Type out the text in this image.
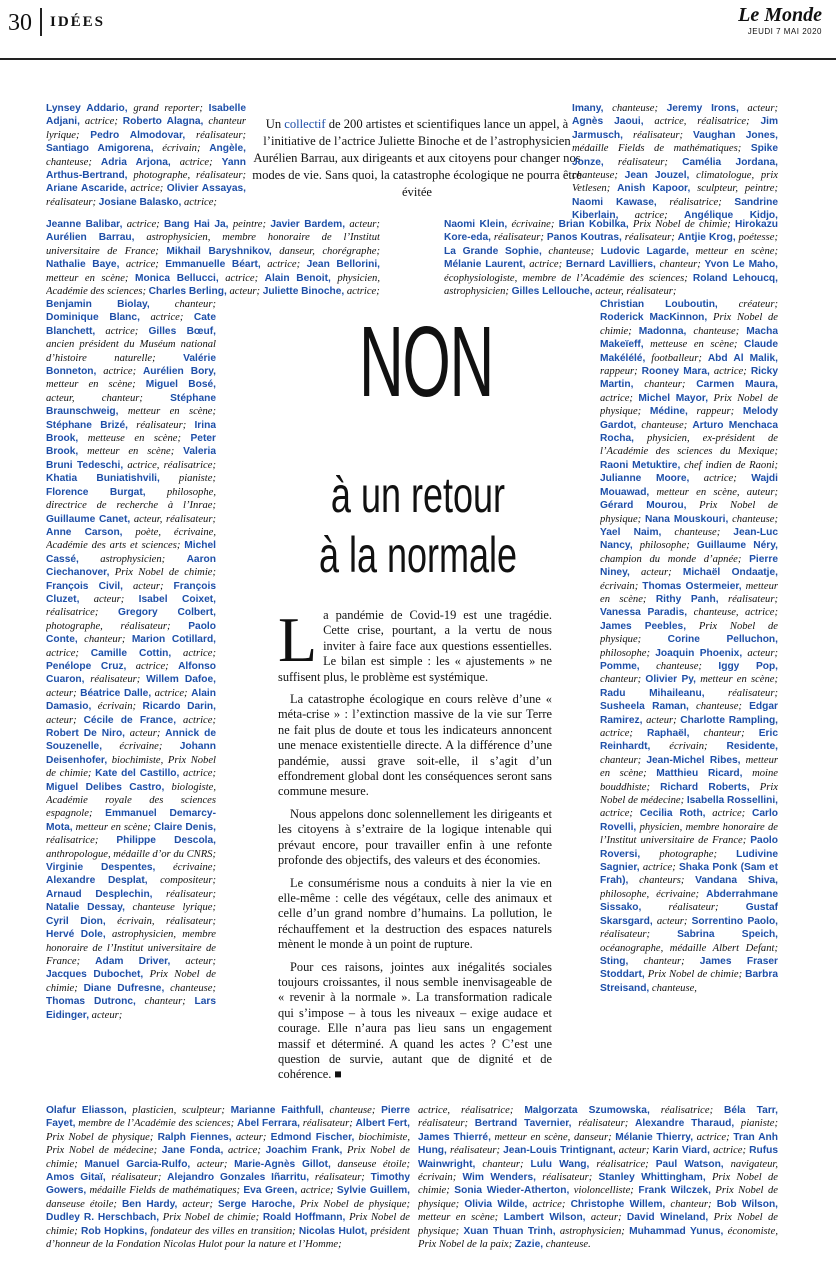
30 IDÉES	Le Monde
JEUDI 7 MAI 2020
Lynsey Addario, grand reporter; Isabelle Adjani, actrice; Roberto Alagna, chanteur lyrique; Pedro Almodovar, réalisateur; Santiago Amigorena, écrivain; Angèle, chanteuse; Adria Arjona, actrice; Yann Arthus-Bertrand, photographe, réalisateur; Ariane Ascaride, actrice; Olivier Assayas, réalisateur; Josiane Balasko, actrice;
Jeanne Balibar, actrice; Bang Hai Ja, peintre; Javier Bardem, acteur; Aurélien Barrau, astrophysicien, membre honoraire de l’Institut universitaire de France; Mikhail Baryshnikov, danseur, chorégraphe; Nathalie Baye, actrice; Emmanuelle Béart, actrice; Jean Bellorini, metteur en scène; Monica Bellucci, actrice; Alain Benoit, physicien, Académie des sciences; Charles Berling, acteur; Juliette Binoche, actrice;
Benjamin Biolay, chanteur; Dominique Blanc, actrice; Cate Blanchett, actrice; Gilles Bœuf, ancien président du Muséum national d’histoire naturelle; Valérie Bonneton, actrice; Aurélien Bory, metteur en scène; Miguel Bosé, acteur, chanteur; Stéphane Braunschweig, metteur en scène; Stéphane Brizé, réalisateur; Irina Brook, metteuse en scène; Peter Brook, metteur en scène; Valeria Bruni Tedeschi, actrice, réalisatrice; Khatia Buniatishvili, pianiste; Florence Burgat, philosophe, directrice de recherche à l’Inrae; Guillaume Canet, acteur, réalisateur; Anne Carson, poète, écrivaine, Académie des arts et sciences; Michel Cassé, astrophysicien; Aaron Ciechanover, Prix Nobel de chimie; François Civil, acteur; François Cluzet, acteur; Isabel Coixet, réalisatrice; Gregory Colbert, photographe, réalisateur; Paolo Conte, chanteur; Marion Cotillard, actrice; Camille Cottin, actrice; Penélope Cruz, actrice; Alfonso Cuaron, réalisateur; Willem Dafoe, acteur; Béatrice Dalle, actrice; Alain Damasio, écrivain; Ricardo Darin, acteur; Cécile de France, actrice; Robert De Niro, acteur; Annick de Souzenelle, écrivaine; Johann Deisenhofer, biochimiste, Prix Nobel de chimie; Kate del Castillo, actrice; Miguel Delibes Castro, biologiste, Académie royale des sciences espagnole; Emmanuel Demarcy-Mota, metteur en scène; Claire Denis, réalisatrice; Philippe Descola, anthropologue, médaille d’or du CNRS; Virginie Despentes, écrivaine; Alexandre Desplat, compositeur; Arnaud Desplechin, réalisateur; Natalie Dessay, chanteuse lyrique; Cyril Dion, écrivain, réalisateur; Hervé Dole, astrophysicien, membre honoraire de l’Institut universitaire de France; Adam Driver, acteur; Jacques Dubochet, Prix Nobel de chimie; Diane Dufresne, chanteuse; Thomas Dutronc, chanteur; Lars Eidinger, acteur;
Olafur Eliasson, plasticien, sculpteur; Marianne Faithfull, chanteuse; Pierre Fayet, membre de l’Académie des sciences; Abel Ferrara, réalisateur; Albert Fert, Prix Nobel de physique; Ralph Fiennes, acteur; Edmond Fischer, biochimiste, Prix Nobel de médecine; Jane Fonda, actrice; Joachim Frank, Prix Nobel de chimie; Manuel Garcia-Rulfo, acteur; Marie-Agnès Gillot, danseuse étoile; Amos Gitaï, réalisateur; Alejandro Gonzales Iñarritu, réalisateur; Timothy Gowers, médaille Fields de mathématiques; Eva Green, actrice; Sylvie Guillem, danseuse étoile; Ben Hardy, acteur; Serge Haroche, Prix Nobel de physique; Dudley R. Herschbach, Prix Nobel de chimie; Roald Hoffmann, Prix Nobel de chimie; Rob Hopkins, fondateur des villes en transition; Nicolas Hulot, président d’honneur de la Fondation Nicolas Hulot pour la nature et l’Homme;
Un collectif de 200 artistes et scientifiques lance un appel, à l’initiative de l’actrice Juliette Binoche et de l’astrophysicien Aurélien Barrau, aux dirigeants et aux citoyens pour changer nos modes de vie. Sans quoi, la catastrophe écologique ne pourra être évitée
NON
à un retour
à la normale

La pandémie de Covid-19 est une tragédie. Cette crise, pourtant, a la vertu de nous inviter à faire face aux questions essentielles. Le bilan est simple : les « ajustements » ne suffisent plus, le problème est systémique.

La catastrophe écologique en cours relève d’une « méta-crise » : l’extinction massive de la vie sur Terre ne fait plus de doute et tous les indicateurs annoncent une menace existentielle directe. A la différence d’une pandémie, aussi grave soit-elle, il s’agit d’un effondrement global dont les conséquences seront sans commune mesure.

Nous appelons donc solennellement les dirigeants et les citoyens à s’extraire de la logique intenable qui prévaut encore, pour travailler enfin à une refonte profonde des objectifs, des valeurs et des économies.

Le consumérisme nous a conduits à nier la vie en elle-même : celle des végétaux, celle des animaux et celle d’un grand nombre d’humains. La pollution, le réchauffement et la destruction des espaces naturels mènent le monde à un point de rupture.

Pour ces raisons, jointes aux inégalités sociales toujours croissantes, il nous semble inenvisageable de « revenir à la normale ». La transformation radicale qui s’impose – à tous les niveaux – exige audace et courage. Elle n’aura pas lieu sans un engagement massif et déterminé. A quand les actes ? C’est une question de survie, autant que de dignité et de cohérence. ■

Imany, chanteuse; Jeremy Irons, acteur; Agnès Jaoui, actrice, réalisatrice; Jim Jarmusch, réalisateur; Vaughan Jones, médaille Fields de mathématiques; Spike Jonze, réalisateur; Camélia Jordana, chanteuse; Jean Jouzel, climatologue, prix Vetlesen; Anish Kapoor, sculpteur, peintre; Naomi Kawase, réalisatrice; Sandrine Kiberlain, actrice; Angélique Kidjo,
Naomi Klein, écrivaine; Brian Kobilka, Prix Nobel de chimie; Hirokazu Kore-eda, réalisateur; Panos Koutras, réalisateur; Antjie Krog, poétesse; La Grande Sophie, chanteuse; Ludovic Lagarde, metteur en scène; Mélanie Laurent, actrice; Bernard Lavilliers, chanteur; Yvon Le Maho, écophysiologiste, membre de l’Académie des sciences; Roland Lehoucq, astrophysicien; Gilles Lellouche, acteur, réalisateur;
Christian Louboutin, créateur; Roderick MacKinnon, Prix Nobel de chimie; Madonna, chanteuse; Macha Makeïeff, metteuse en scène; Claude Makélélé, footballeur; Abd Al Malik, rappeur; Rooney Mara, actrice; Ricky Martin, chanteur; Carmen Maura, actrice; Michel Mayor, Prix Nobel de physique; Médine, rappeur; Melody Gardot, chanteuse; Arturo Menchaca Rocha, physicien, ex-président de l’Académie des sciences du Mexique; Raoni Metuktire, chef indien de Raoni; Julianne Moore, actrice; Wajdi Mouawad, metteur en scène, auteur; Gérard Mourou, Prix Nobel de physique; Nana Mouskouri, chanteuse; Yael Naim, chanteuse; Jean-Luc Nancy, philosophe; Guillaume Néry, champion du monde d’apnée; Pierre Niney, acteur; Michaël Ondaatje, écrivain; Thomas Ostermeier, metteur en scène; Rithy Panh, réalisateur; Vanessa Paradis, chanteuse, actrice; James Peebles, Prix Nobel de physique; Corine Pelluchon, philosophe; Joaquin Phoenix, acteur; Pomme, chanteuse; Iggy Pop, chanteur; Olivier Py, metteur en scène; Radu Mihaileanu, réalisateur; Susheela Raman, chanteuse; Edgar Ramirez, acteur; Charlotte Rampling, actrice; Raphaël, chanteur; Eric Reinhardt, écrivain; Residente, chanteur; Jean-Michel Ribes, metteur en scène; Matthieu Ricard, moine bouddhiste; Richard Roberts, Prix Nobel de médecine; Isabella Rossellini, actrice; Cecilia Roth, actrice; Carlo Rovelli, physicien, membre honoraire de l’Institut universitaire de France; Paolo Roversi, photographe; Ludivine Sagnier, actrice; Shaka Ponk (Sam et Frah), chanteurs; Vandana Shiva, philosophe, écrivaine; Abderrahmane Sissako, réalisateur; Gustaf Skarsgard, acteur; Sorrentino Paolo, réalisateur; Sabrina Speich, océanographe, médaille Albert Defant; Sting, chanteur; James Fraser Stoddart, Prix Nobel de chimie; Barbra Streisand, chanteuse,
actrice, réalisatrice; Malgorzata Szumowska, réalisatrice; Béla Tarr, réalisateur; Bertrand Tavernier, réalisateur; Alexandre Tharaud, pianiste; James Thierré, metteur en scène, danseur; Mélanie Thierry, actrice; Tran Anh Hung, réalisateur; Jean-Louis Trintignant, acteur; Karin Viard, actrice; Rufus Wainwright, chanteur; Lulu Wang, réalisatrice; Paul Watson, navigateur, écrivain; Wim Wenders, réalisateur; Stanley Whittingham, Prix Nobel de chimie; Sonia Wieder-Atherton, violoncelliste; Frank Wilczek, Prix Nobel de physique; Olivia Wilde, actrice; Christophe Willem, chanteur; Bob Wilson, metteur en scène; Lambert Wilson, acteur; David Wineland, Prix Nobel de physique; Xuan Thuan Trinh, astrophysicien; Muhammad Yunus, économiste, Prix Nobel de la paix; Zazie, chanteuse.
